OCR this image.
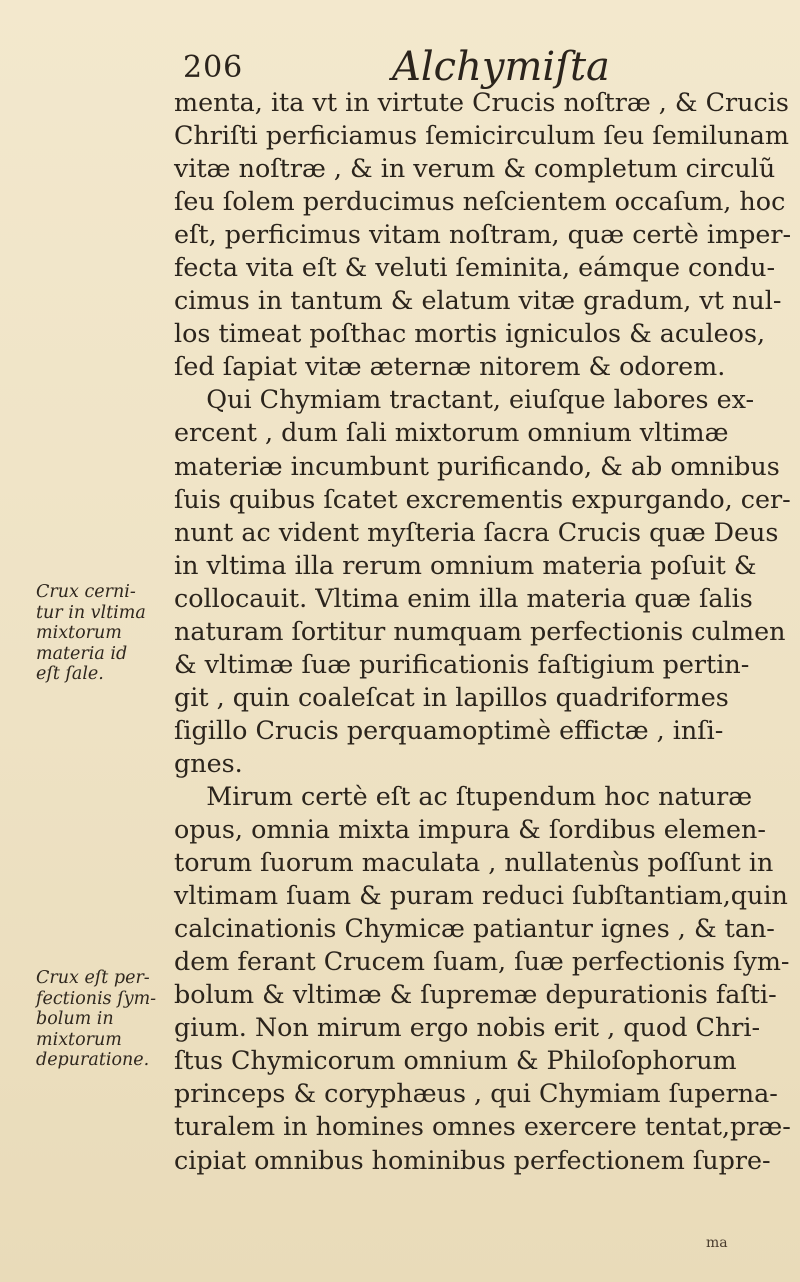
206	Alchymiſta
menta, ita vt in virtute Crucis noſtræ , & Crucis
Chriſti perficiamus ſemicirculum ſeu ſemilunam
vitæ noſtræ , & in verum & completum circulũ
ſeu ſolem perducimus neſcientem occaſum, hoc
eſt, perficimus vitam noſtram, quæ certè imper-
fecta vita eſt & veluti ſeminita, eámque condu-
cimus in tantum & elatum vitæ gradum, vt nul-
los timeat poſthac mortis igniculos & aculeos,
ſed ſapiat vitæ æternæ nitorem & odorem.
Qui Chymiam tractant, eiuſque labores ex-
ercent , dum ſali mixtorum omnium vltimæ
materiæ incumbunt purificando, & ab omnibus
ſuis quibus ſcatet excrementis expurgando, cer-
nunt ac vident myſteria ſacra Crucis quæ Deus
in vltima illa rerum omnium materia poſuit &
collocauit. Vltima enim illa materia quæ ſalis
naturam ſortitur numquam perfectionis culmen
& vltimæ ſuæ purificationis faſtigium pertin-
git , quin coaleſcat in lapillos quadriformes
ſigillo Crucis perquamoptimè effictæ , inſi-
gnes.
Mirum certè eſt ac ſtupendum hoc naturæ
opus, omnia mixta impura & ſordibus elemen-
torum ſuorum maculata , nullatenùs poſſunt in
vltimam ſuam & puram reduci ſubſtantiam,quin
calcinationis Chymicæ patiantur ignes , & tan-
dem ferant Crucem ſuam, ſuæ perfectionis ſym-
bolum & vltimæ & ſupremæ depurationis faſti-
gium. Non mirum ergo nobis erit , quod Chri-
ſtus Chymicorum omnium & Philoſophorum
princeps & coryphæus , qui Chymiam ſuperna-
turalem in homines omnes exercere tentat,præ-
cipiat omnibus hominibus perfectionem ſupre-
Crux cerni-
tur in vltima
mixtorum
materia id
eſt ſale.
Crux eſt per-
fectionis ſym-
bolum in
mixtorum
depuratione.
ma
